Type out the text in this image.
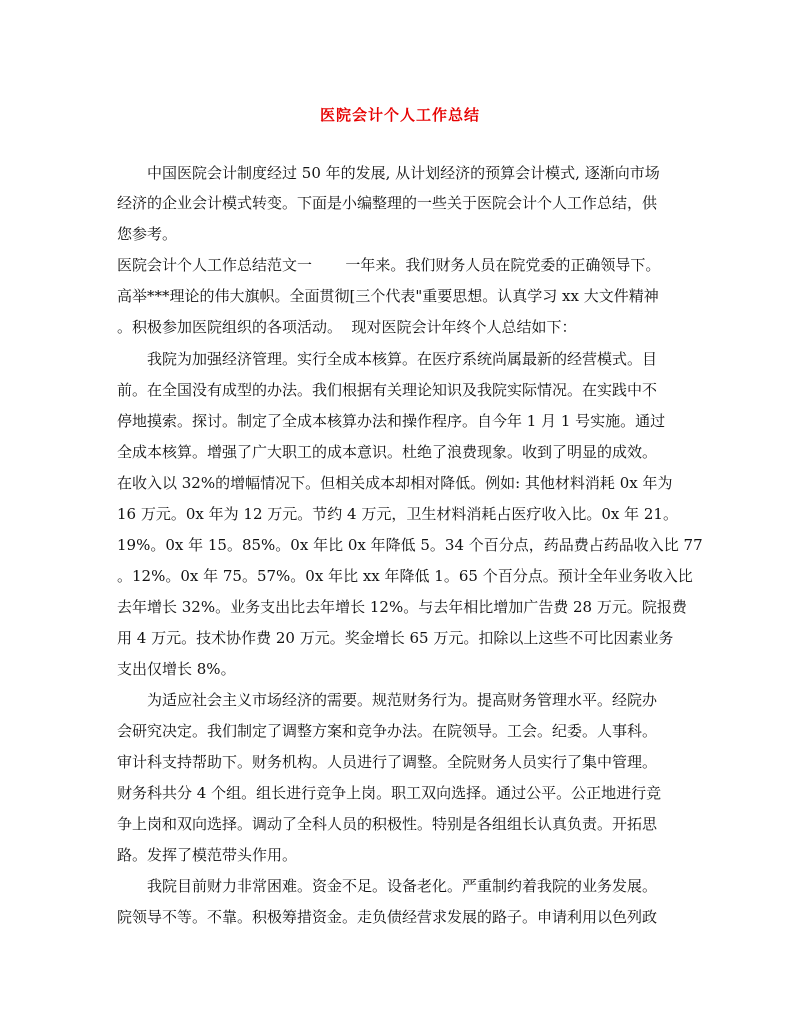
医院会计个人工作总结
中国医院会计制度经过 50 年的发展, 从计划经济的预算会计模式, 逐渐向市场
经济的企业会计模式转变。下面是小编整理的一些关于医院会计个人工作总结，供
您参考。
医院会计个人工作总结范文一       一年来。我们财务人员在院党委的正确领导下。
高举***理论的伟大旗帜。全面贯彻[三个代表"重要思想。认真学习 xx 大文件精神
。积极参加医院组织的各项活动。  现对医院会计年终个人总结如下：
我院为加强经济管理。实行全成本核算。在医疗系统尚属最新的经营模式。目
前。在全国没有成型的办法。我们根据有关理论知识及我院实际情况。在实践中不
停地摸索。探讨。制定了全成本核算办法和操作程序。自今年 1 月 1 号实施。通过
全成本核算。增强了广大职工的成本意识。杜绝了浪费现象。收到了明显的成效。
在收入以 32%的增幅情况下。但相关成本却相对降低。例如: 其他材料消耗 0x 年为
16 万元。0x 年为 12 万元。节约 4 万元，卫生材料消耗占医疗收入比。0x 年 21。
19%。0x 年 15。85%。0x 年比 0x 年降低 5。34 个百分点，药品费占药品收入比 77
。12%。0x 年 75。57%。0x 年比 xx 年降低 1。65 个百分点。预计全年业务收入比
去年增长 32%。业务支出比去年增长 12%。与去年相比增加广告费 28 万元。院报费
用 4 万元。技术协作费 20 万元。奖金增长 65 万元。扣除以上这些不可比因素业务
支出仅增长 8%。
为适应社会主义市场经济的需要。规范财务行为。提高财务管理水平。经院办
会研究决定。我们制定了调整方案和竞争办法。在院领导。工会。纪委。人事科。
审计科支持帮助下。财务机构。人员进行了调整。全院财务人员实行了集中管理。
财务科共分 4 个组。组长进行竞争上岗。职工双向选择。通过公平。公正地进行竞
争上岗和双向选择。调动了全科人员的积极性。特别是各组组长认真负责。开拓思
路。发挥了模范带头作用。
我院目前财力非常困难。资金不足。设备老化。严重制约着我院的业务发展。
院领导不等。不靠。积极筹措资金。走负债经营求发展的路子。申请利用以色列政
